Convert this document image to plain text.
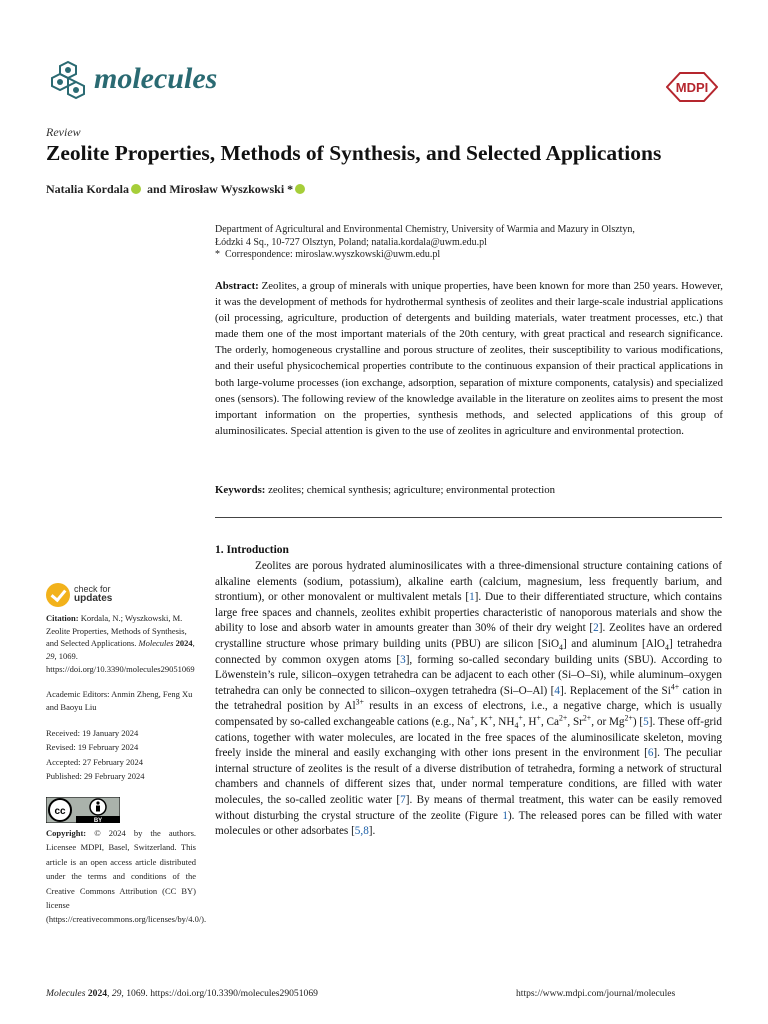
molecules	MDPI
Review
Zeolite Properties, Methods of Synthesis, and Selected Applications
Natalia Kordala and Mirosław Wyszkowski *
Department of Agricultural and Environmental Chemistry, University of Warmia and Mazury in Olsztyn,
Łódzki 4 Sq., 10-727 Olsztyn, Poland; natalia.kordala@uwm.edu.pl
* Correspondence: miroslaw.wyszkowski@uwm.edu.pl
Abstract: Zeolites, a group of minerals with unique properties, have been known for more than 250 years. However, it was the development of methods for hydrothermal synthesis of zeolites and their large-scale industrial applications (oil processing, agriculture, production of detergents and building materials, water treatment processes, etc.) that made them one of the most important materials of the 20th century, with great practical and research significance. The orderly, homogeneous crystalline and porous structure of zeolites, their susceptibility to various modifications, and their useful physicochemical properties contribute to the continuous expansion of their practical applications in both large-volume processes (ion exchange, adsorption, separation of mixture components, catalysis) and specialized ones (sensors). The following review of the knowledge available in the literature on zeolites aims to present the most important information on the properties, synthesis methods, and selected applications of this group of aluminosilicates. Special attention is given to the use of zeolites in agriculture and environmental protection.
Keywords: zeolites; chemical synthesis; agriculture; environmental protection
1. Introduction

Zeolites are porous hydrated aluminosilicates with a three-dimensional structure containing cations of alkaline elements (sodium, potassium), alkaline earth (calcium, magnesium, less frequently barium, and strontium), or other monovalent or multivalent metals [1]. Due to their differentiated structure, which contains large free spaces and channels, zeolites exhibit properties characteristic of nanoporous materials and show the ability to lose and absorb water in amounts greater than 30% of their dry weight [2]. Zeolites have an ordered crystalline structure whose primary building units (PBU) are silicon [SiO$_4$] and aluminum [AlO$_4$] tetrahedra connected by common oxygen atoms [3], forming so-called secondary building units (SBU). According to Löwenstein’s rule, silicon–oxygen tetrahedra can be adjacent to each other (Si–O–Si), while aluminum–oxygen tetrahedra can only be connected to silicon–oxygen tetrahedra (Si–O–Al) [4]. Replacement of the $Si^{4+}$ cation in the tetrahedral position by $Al^{3+}$ results in an excess of electrons, i.e., a negative charge, which is usually compensated by so-called exchangeable cations (e.g., Na+, K+, $NH_4^+$, H+, $Ca^{2+}$, $Sr^{2+}$, or $Mg^{2+}$) [5]. These off-grid cations, together with water molecules, are located in the free spaces of the aluminosilicate skeleton, moving freely inside the mineral and easily exchanging with other ions present in the environment [6]. The peculiar internal structure of zeolites is the result of a diverse distribution of tetrahedra, forming a network of structural chambers and channels of different sizes that, under normal temperature conditions, are filled with water molecules, the so-called zeolitic water [7]. By means of thermal treatment, this water can be easily removed without disturbing the crystal structure of the zeolite (Figure 1). The released pores can be filled with water molecules or other adsorbates [5,8].

check for
updates
Citation: Kordala, N.; Wyszkowski, M. Zeolite Properties, Methods of Synthesis, and Selected Applications. Molecules 2024, 29, 1069. https://doi.org/10.3390/molecules29051069
Academic Editors: Anmin Zheng, Feng Xu and Baoyu Liu
Received: 19 January 2024
Revised: 19 February 2024
Accepted: 27 February 2024
Published: 29 February 2024
cc
BY
Copyright: © 2024 by the authors. Licensee MDPI, Basel, Switzerland. This article is an open access article distributed under the terms and conditions of the Creative Commons Attribution (CC BY) license (https://creativecommons.org/licenses/by/4.0/).
Molecules 2024, 29, 1069. https://doi.org/10.3390/molecules29051069	https://www.mdpi.com/journal/molecules
